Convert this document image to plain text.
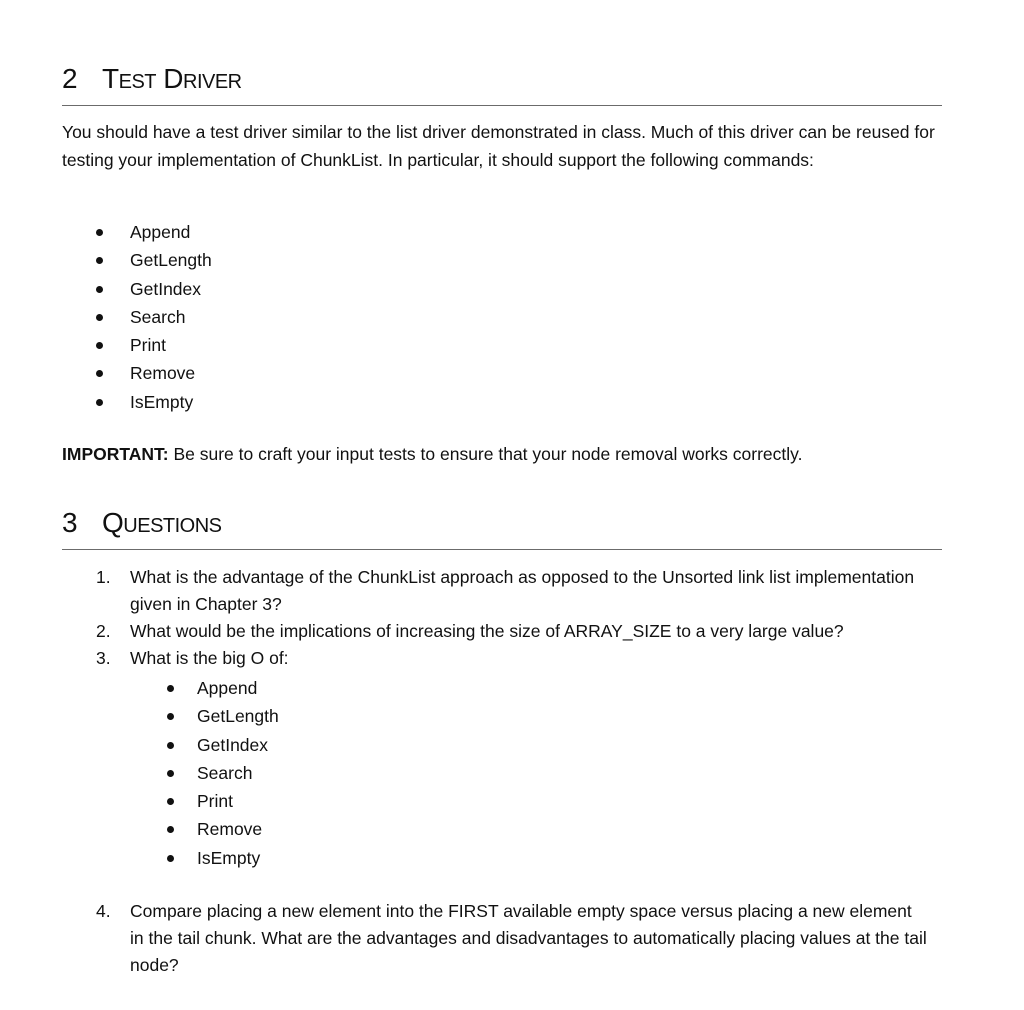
2 Test Driver

You should have a test driver similar to the list driver demonstrated in class. Much of this driver can be reused for testing your implementation of ChunkList. In particular, it should support the following commands:

Append
GetLength
GetIndex
Search
Print
Remove
IsEmpty

IMPORTANT: Be sure to craft your input tests to ensure that your node removal works correctly.

3 Questions
1.	What is the advantage of the ChunkList approach as opposed to the Unsorted link list implementation given in Chapter 3?
2.	What would be the implications of increasing the size of ARRAY_SIZE to a very large value?
3.	What is the big O of:
Append
GetLength
GetIndex
Search
Print
Remove
IsEmpty
4.	Compare placing a new element into the FIRST available empty space versus placing a new element in the tail chunk. What are the advantages and disadvantages to automatically placing values at the tail node?
